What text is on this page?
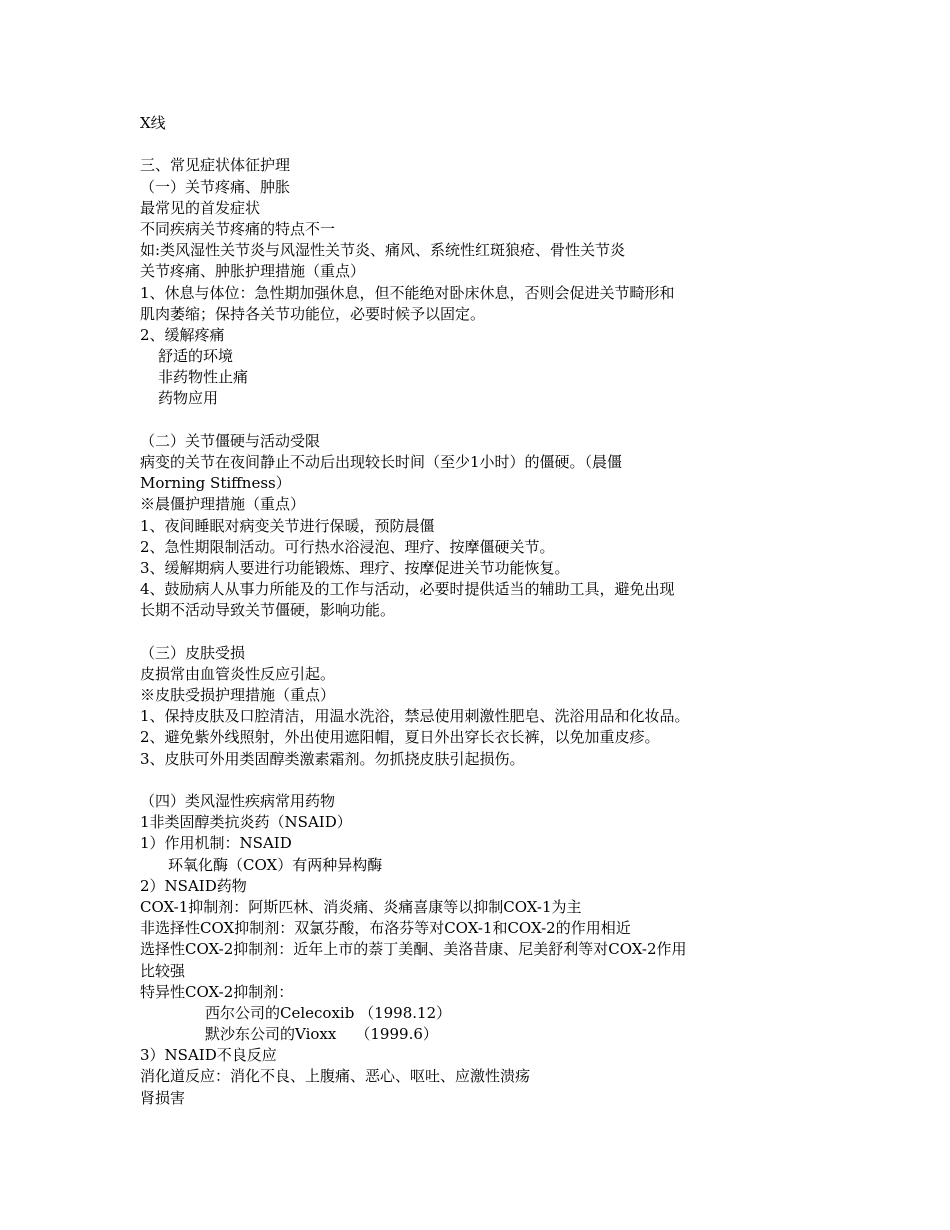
X线
三、常见症状体征护理
（一）关节疼痛、肿胀
最常见的首发症状
不同疾病关节疼痛的特点不一
如:类风湿性关节炎与风湿性关节炎、痛风、系统性红斑狼疮、骨性关节炎
关节疼痛、肿胀护理措施（重点）
1、休息与体位：急性期加强休息，但不能绝对卧床休息，否则会促进关节畸形和
肌肉萎缩；保持各关节功能位，必要时候予以固定。
2、缓解疼痛
舒适的环境
非药物性止痛
药物应用
（二）关节僵硬与活动受限
病变的关节在夜间静止不动后出现较长时间（至少1小时）的僵硬。（晨僵
Morning Stiffness）
※晨僵护理措施（重点）
1、夜间睡眠对病变关节进行保暖，预防晨僵
2、急性期限制活动。可行热水浴浸泡、理疗、按摩僵硬关节。
3、缓解期病人要进行功能锻炼、理疗、按摩促进关节功能恢复。
4、鼓励病人从事力所能及的工作与活动，必要时提供适当的辅助工具，避免出现
长期不活动导致关节僵硬，影响功能。
（三）皮肤受损
皮损常由血管炎性反应引起。
※皮肤受损护理措施（重点）
1、保持皮肤及口腔清洁，用温水洗浴，禁忌使用刺激性肥皂、洗浴用品和化妆品。
2、避免紫外线照射，外出使用遮阳帽，夏日外出穿长衣长裤，以免加重皮疹。
3、皮肤可外用类固醇类激素霜剂。勿抓挠皮肤引起损伤。
（四）类风湿性疾病常用药物
1非类固醇类抗炎药（NSAID）
1）作用机制：NSAID
环氧化酶（COX）有两种异构酶
2）NSAID药物
COX-1抑制剂：阿斯匹林、消炎痛、炎痛喜康等以抑制COX-1为主
非选择性COX抑制剂：双氯芬酸，布洛芬等对COX-1和COX-2的作用相近
选择性COX-2抑制剂：近年上市的萘丁美酮、美洛昔康、尼美舒利等对COX-2作用
比较强
特异性COX-2抑制剂：
西尔公司的Celecoxib （1998.12）
默沙东公司的Vioxx    （1999.6）
3）NSAID不良反应
消化道反应：消化不良、上腹痛、恶心、呕吐、应激性溃疡
肾损害
